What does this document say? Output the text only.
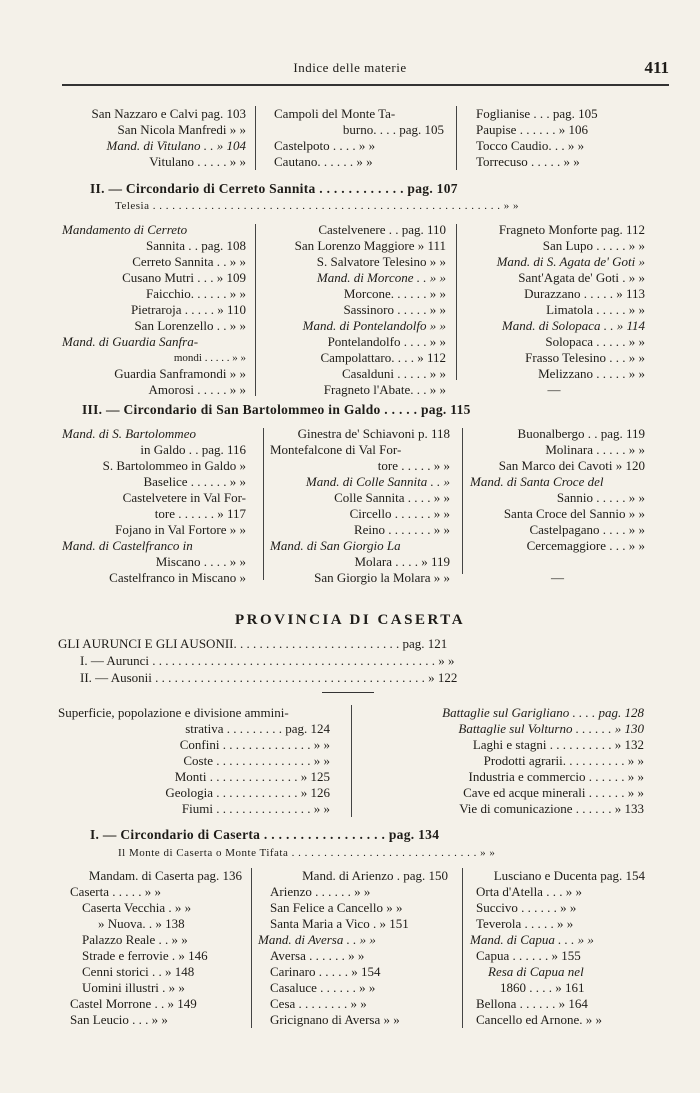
Indice delle materie	411
San Nazzaro e Calvi pag. 103
San Nicola Manfredi » »
Mand. di Vitulano . . » 104
Vitulano . . . . . » »
Campoli del Monte Ta-
burno. . . . pag. 105
Castelpoto . . . . » »
Cautano. . . . . . » »
Foglianise . . . pag. 105
Paupise . . . . . . » 106
Tocco Caudio. . . » »
Torrecuso . . . . . » »
II. — Circondario di Cerreto Sannita . . . . . . . . . . . . pag. 107
Telesia . . . . . . . . . . . . . . . . . . . . . . . . . . . . . . . . . . . . . . . . . . . . . . . . . . . . . . » »
Mandamento di Cerreto
Sannita . . pag. 108
Cerreto Sannita . . » »
Cusano Mutri . . . » 109
Faicchio. . . . . . » »
Pietraroja . . . . . » 110
San Lorenzello . . » »
Mand. di Guardia Sanfra-
mondi . . . . . » »
Guardia Sanframondi » »
Amorosi . . . . . » »
Castelvenere . . pag. 110
San Lorenzo Maggiore » 111
S. Salvatore Telesino » »
Mand. di Morcone . . » »
Morcone. . . . . . » »
Sassinoro . . . . . » »
Mand. di Pontelandolfo » »
Pontelandolfo . . . . » »
Campolattaro. . . . » 112
Casalduni . . . . . » »
Fragneto l'Abate. . . » »
Fragneto Monforte pag. 112
San Lupo . . . . . » »
Mand. di S. Agata de' Goti »
Sant'Agata de' Goti . » »
Durazzano . . . . . » 113
Limatola . . . . . » »
Mand. di Solopaca . . » 114
Solopaca . . . . . » »
Frasso Telesino . . . » »
Melizzano . . . . . » »
—
III. — Circondario di San Bartolommeo in Galdo . . . . . pag. 115
Mand. di S. Bartolommeo
in Galdo . . pag. 116
S. Bartolommeo in Galdo »
Baselice . . . . . . » »
Castelvetere in Val For-
tore . . . . . . » 117
Fojano in Val Fortore » »
Mand. di Castelfranco in
Miscano . . . . » »
Castelfranco in Miscano »
Ginestra de' Schiavoni p. 118
Montefalcone di Val For-
tore . . . . . » »
Mand. di Colle Sannita . . »
Colle Sannita . . . . » »
Circello . . . . . . » »
Reino . . . . . . . » »
Mand. di San Giorgio La
Molara . . . . » 119
San Giorgio la Molara » »
Buonalbergo . . pag. 119
Molinara . . . . . » »
San Marco dei Cavoti » 120
Mand. di Santa Croce del
Sannio . . . . . » »
Santa Croce del Sannio » »
Castelpagano . . . . » »
Cercemaggiore . . . » »
—
PROVINCIA DI CASERTA
GLI AURUNCI E GLI AUSONII. . . . . . . . . . . . . . . . . . . . . . . . . . pag. 121
I. — Aurunci . . . . . . . . . . . . . . . . . . . . . . . . . . . . . . . . . . . . . . . . . . . . » »
II. — Ausonii . . . . . . . . . . . . . . . . . . . . . . . . . . . . . . . . . . . . . . . . . . » 122
Superficie, popolazione e divisione ammini-
strativa . . . . . . . . . pag. 124
Confini . . . . . . . . . . . . . . » »
Coste . . . . . . . . . . . . . . . » »
Monti . . . . . . . . . . . . . . » 125
Geologia . . . . . . . . . . . . . » 126
Fiumi . . . . . . . . . . . . . . . » »
Battaglie sul Garigliano . . . . pag. 128
Battaglie sul Volturno . . . . . . » 130
Laghi e stagni . . . . . . . . . . » 132
Prodotti agrarii. . . . . . . . . . » »
Industria e commercio . . . . . . » »
Cave ed acque minerali . . . . . . » »
Vie di comunicazione . . . . . . » 133
I. — Circondario di Caserta . . . . . . . . . . . . . . . . . pag. 134
Il Monte di Caserta o Monte Tifata . . . . . . . . . . . . . . . . . . . . . . . . . . . . . » »
Mandam. di Caserta pag. 136
Caserta . . . . . » »
Caserta Vecchia . » »
» Nuova. . » 138
Palazzo Reale . . » »
Strade e ferrovie . » 146
Cenni storici . . » 148
Uomini illustri . » »
Castel Morrone . . » 149
San Leucio . . . » »
Mand. di Arienzo . pag. 150
Arienzo . . . . . . » »
San Felice a Cancello » »
Santa Maria a Vico . » 151
Mand. di Aversa . . » »
Aversa . . . . . . » »
Carinaro . . . . . » 154
Casaluce . . . . . . » »
Cesa . . . . . . . . » »
Gricignano di Aversa » »
Lusciano e Ducenta pag. 154
Orta d'Atella . . . » »
Succivo . . . . . . » »
Teverola . . . . . » »
Mand. di Capua . . . » »
Capua . . . . . . » 155
Resa di Capua nel
1860 . . . . » 161
Bellona . . . . . . » 164
Cancello ed Arnone. » »
